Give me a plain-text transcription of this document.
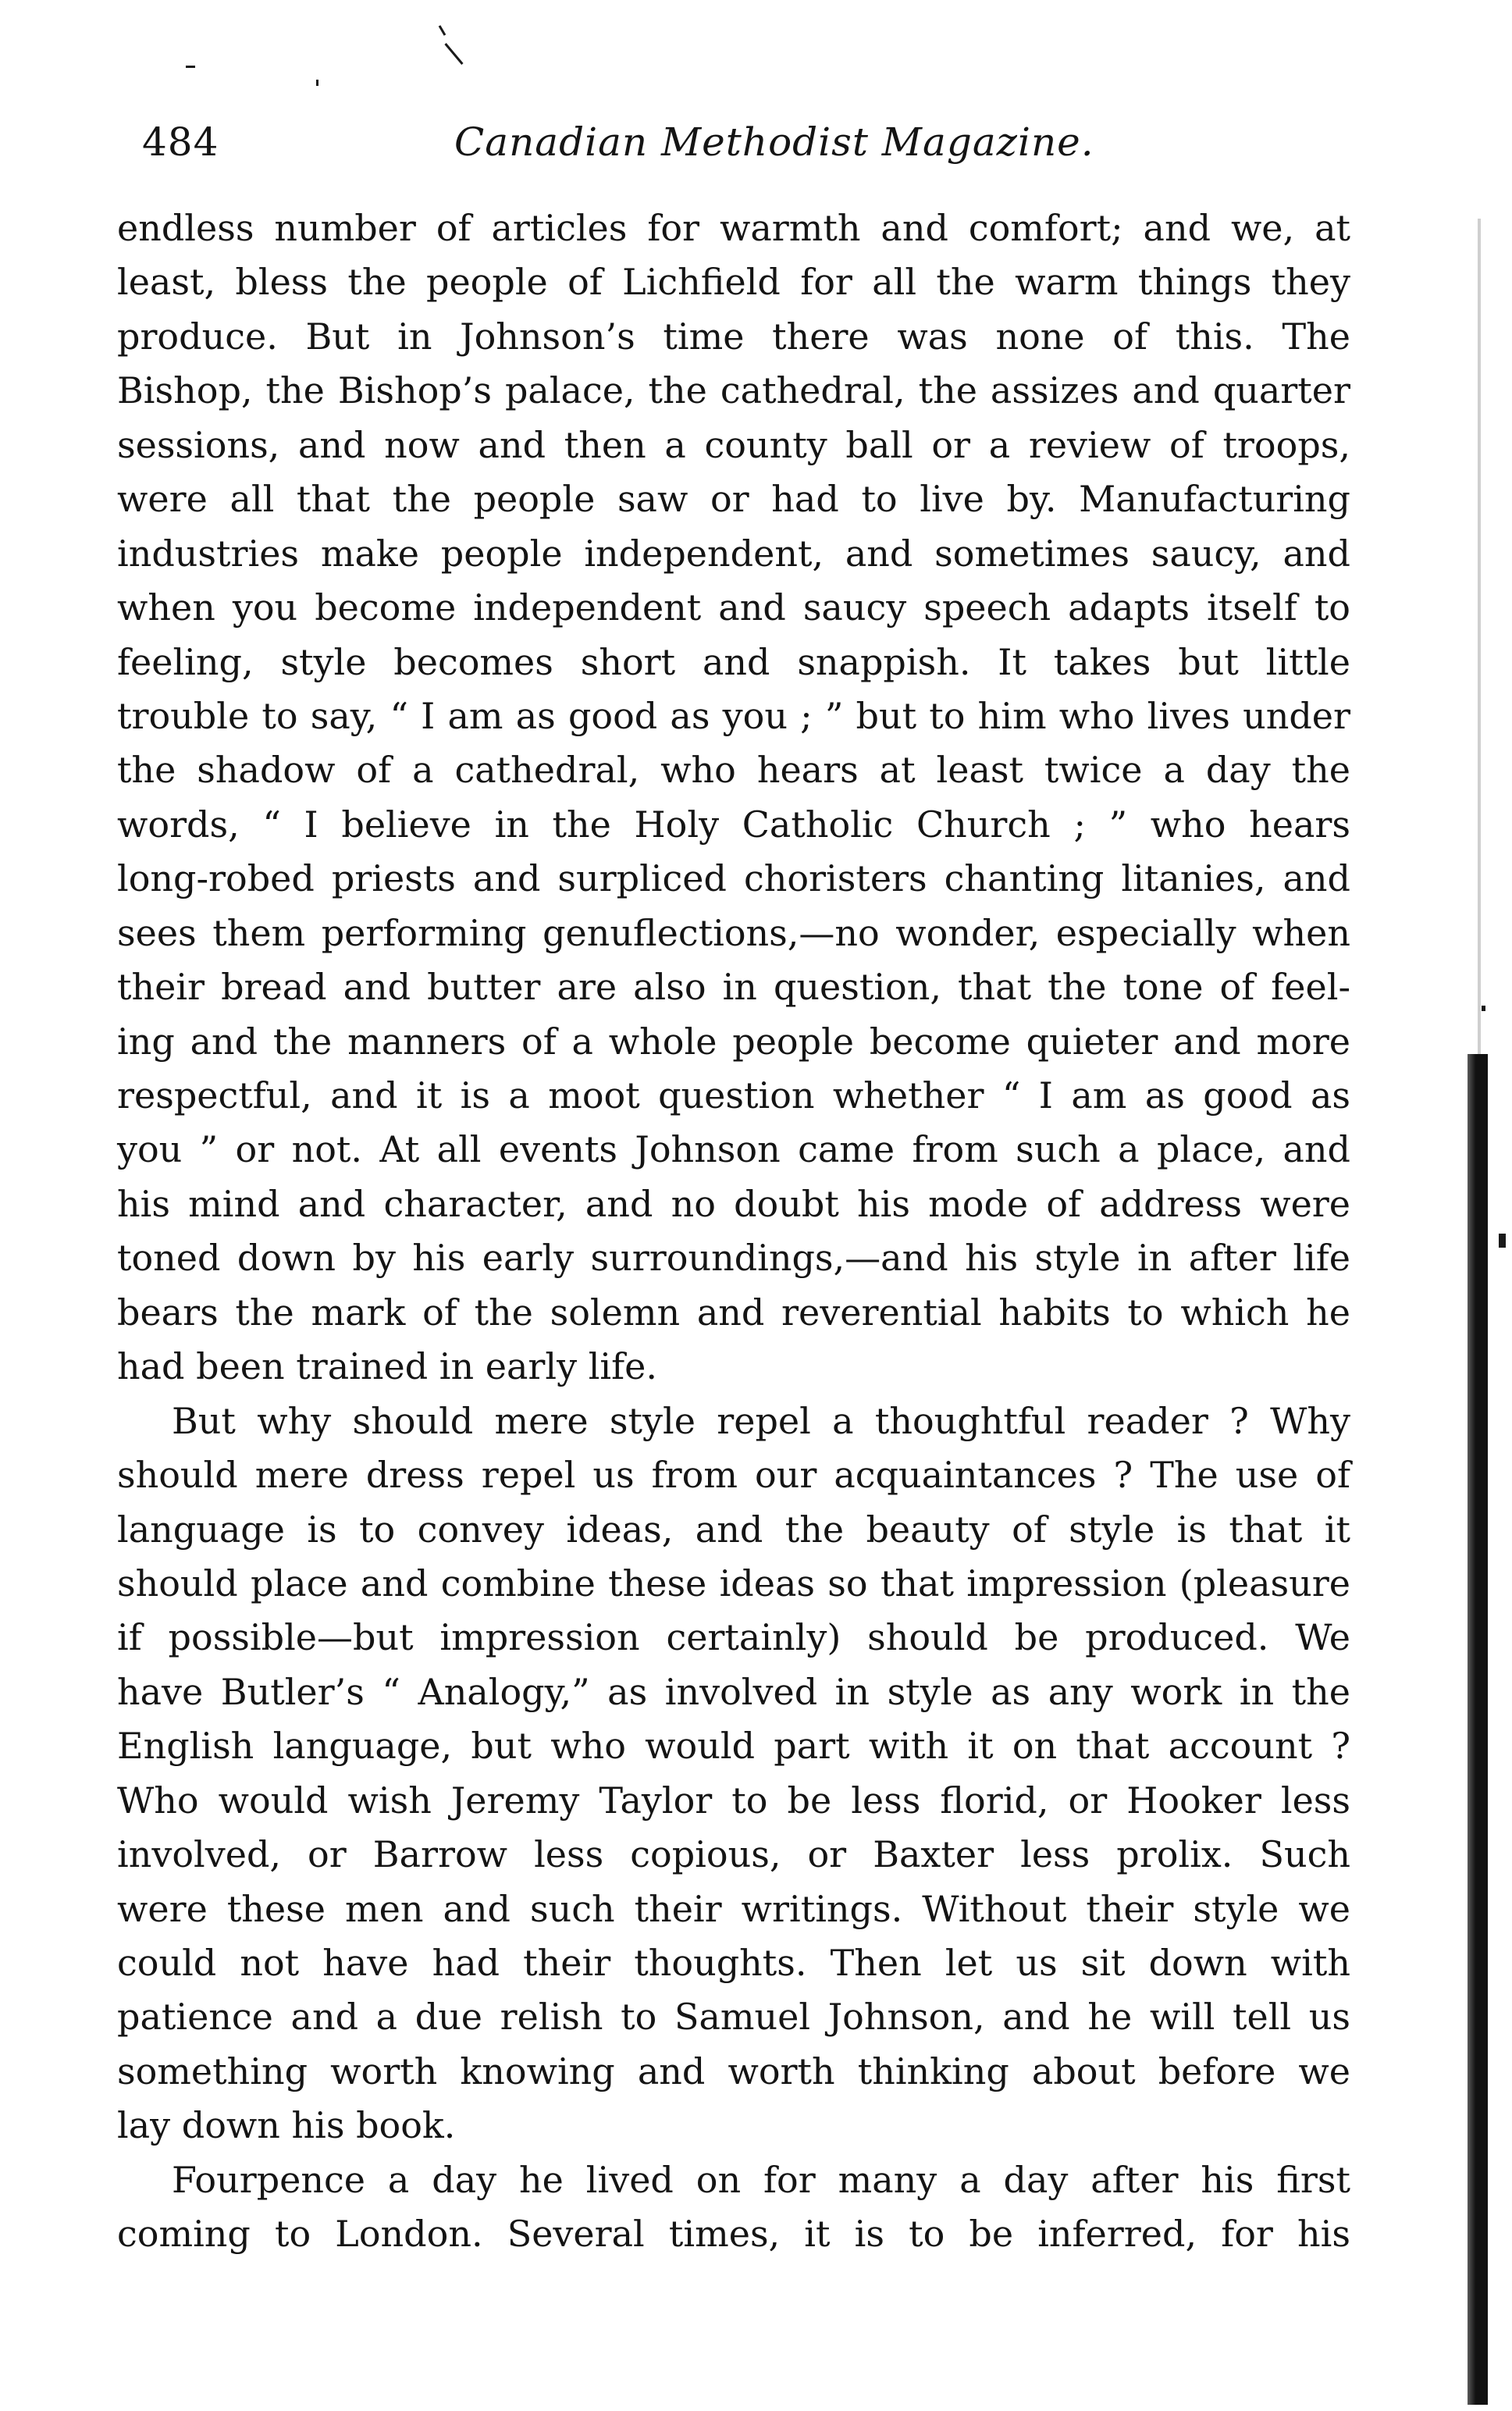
484	Canadian Methodist Magazine.
endless number of articles for warmth and comfort; and we, at
least, bless the people of Lichfield for all the warm things they
produce. But in Johnson’s time there was none of this. The
Bishop, the Bishop’s palace, the cathedral, the assizes and quarter
sessions, and now and then a county ball or a review of troops,
were all that the people saw or had to live by. Manufacturing
industries make people independent, and sometimes saucy, and
when you become independent and saucy speech adapts itself to
feeling, style becomes short and snappish. It takes but little
trouble to say, “ I am as good as you ; ” but to him who lives under
the shadow of a cathedral, who hears at least twice a day the
words, “ I believe in the Holy Catholic Church ; ” who hears
long-robed priests and surpliced choristers chanting litanies, and
sees them performing genuflections,—no wonder, especially when
their bread and butter are also in question, that the tone of feel-
ing and the manners of a whole people become quieter and more
respectful, and it is a moot question whether “ I am as good as
you ” or not. At all events Johnson came from such a place, and
his mind and character, and no doubt his mode of address were
toned down by his early surroundings,—and his style in after life
bears the mark of the solemn and reverential habits to which he
had been trained in early life.
But why should mere style repel a thoughtful reader ? Why
should mere dress repel us from our acquaintances ? The use of
language is to convey ideas, and the beauty of style is that it
should place and combine these ideas so that impression (pleasure
if possible—but impression certainly) should be produced. We
have Butler’s “ Analogy,” as involved in style as any work in the
English language, but who would part with it on that account ?
Who would wish Jeremy Taylor to be less florid, or Hooker less
involved, or Barrow less copious, or Baxter less prolix. Such
were these men and such their writings. Without their style we
could not have had their thoughts. Then let us sit down with
patience and a due relish to Samuel Johnson, and he will tell us
something worth knowing and worth thinking about before we
lay down his book.
Fourpence a day he lived on for many a day after his first
coming to London. Several times, it is to be inferred, for his
